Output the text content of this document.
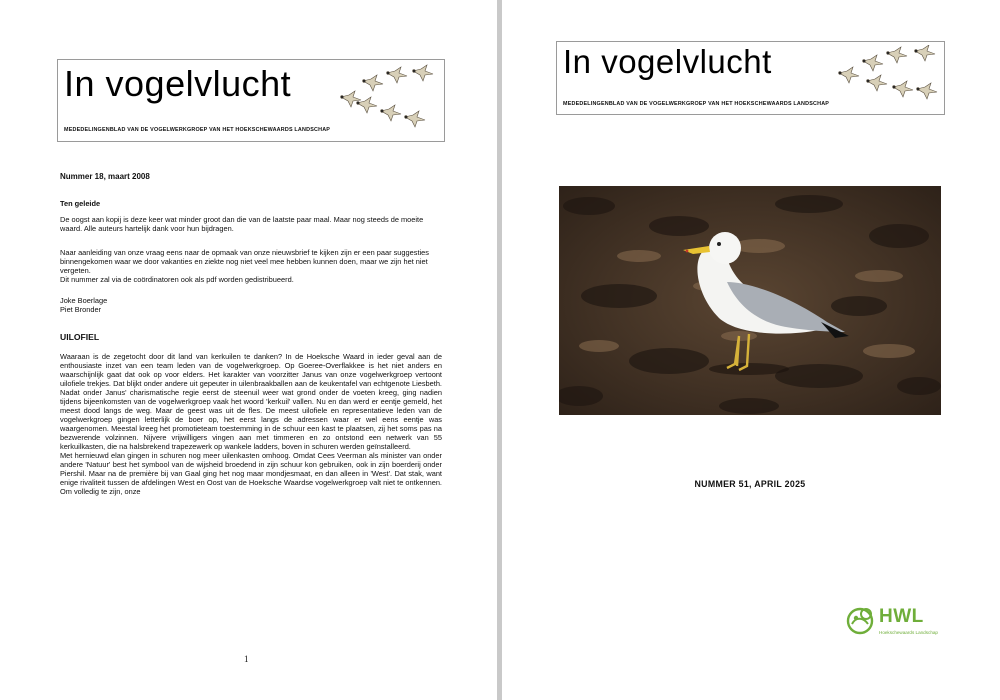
In vogelvlucht
MEDEDELINGENBLAD VAN DE VOGELWERKGROEP VAN HET HOEKSCHEWAARDS LANDSCHAP
Nummer 18, maart 2008
Ten geleide
De oogst aan kopij is deze keer wat minder groot dan die van de laatste paar maal. Maar nog steeds de moeite waard. Alle auteurs hartelijk dank voor hun bijdragen.
Naar aanleiding van onze vraag eens naar de opmaak van onze nieuwsbrief te kijken zijn er een paar suggesties binnengekomen waar we door vakanties en ziekte nog niet veel mee hebben kunnen doen, maar we zijn het niet vergeten.
Dit nummer zal via de coördinatoren ook als pdf worden gedistribueerd.
Joke Boerlage
Piet Bronder
UILOFIEL

Waaraan is de zegetocht door dit land van kerkuilen te danken? In de Hoeksche Waard in ieder geval aan de enthousiaste inzet van een team leden van de vogelwerkgroep. Op Goeree-Overflakkee is het niet anders en waarschijnlijk gaat dat ook op voor elders. Het karakter van voorzitter Janus van onze vogelwerkgroep vertoont uilofiele trekjes. Dat blijkt onder andere uit gepeuter in uilenbraakballen aan de keukentafel van echtgenote Liesbeth. Nadat onder Janus' charismatische regie eerst de steenuil weer wat grond onder de voeten kreeg, ging nadien tijdens bijeenkomsten van de vogelwerkgroep vaak het woord 'kerkuil' vallen. Nu en dan werd er eentje gemeld, het meest dood langs de weg. Maar de geest was uit de fles. De meest uilofiele en representatieve leden van de vogelwerkgroep gingen letterlijk de boer op, het eerst langs de adressen waar er wel eens eentje was waargenomen. Meestal kreeg het promotieteam toestemming in de schuur een kast te plaatsen, zij het soms pas na bezwerende volzinnen. Nijvere vrijwilligers vingen aan met timmeren en zo ontstond een netwerk van 55 kerkuilkasten, die na halsbrekend trapezewerk op wankele ladders, boven in schuren werden geïnstalleerd.

Met hernieuwd elan gingen in schuren nog meer uilenkasten omhoog. Omdat Cees Veerman als minister van onder andere 'Natuur' best het symbool van de wijsheid broedend in zijn schuur kon gebruiken, ook in zijn boerderij onder Piershil. Maar na de première bij van Gaal ging het nog maar mondjesmaat, en dan alleen in 'West'. Dat stak, want enige rivaliteit tussen de afdelingen West en Oost van de Hoeksche Waardse vogelwerkgroep valt niet te ontkennen. Om volledig te zijn, onze

1
In vogelvlucht
MEDEDELINGENBLAD VAN DE VOGELWERKGROEP VAN HET HOEKSCHEWAARDS LANDSCHAP
NUMMER 51, APRIL 2025
HWL
Hoekschewaards Landschap
